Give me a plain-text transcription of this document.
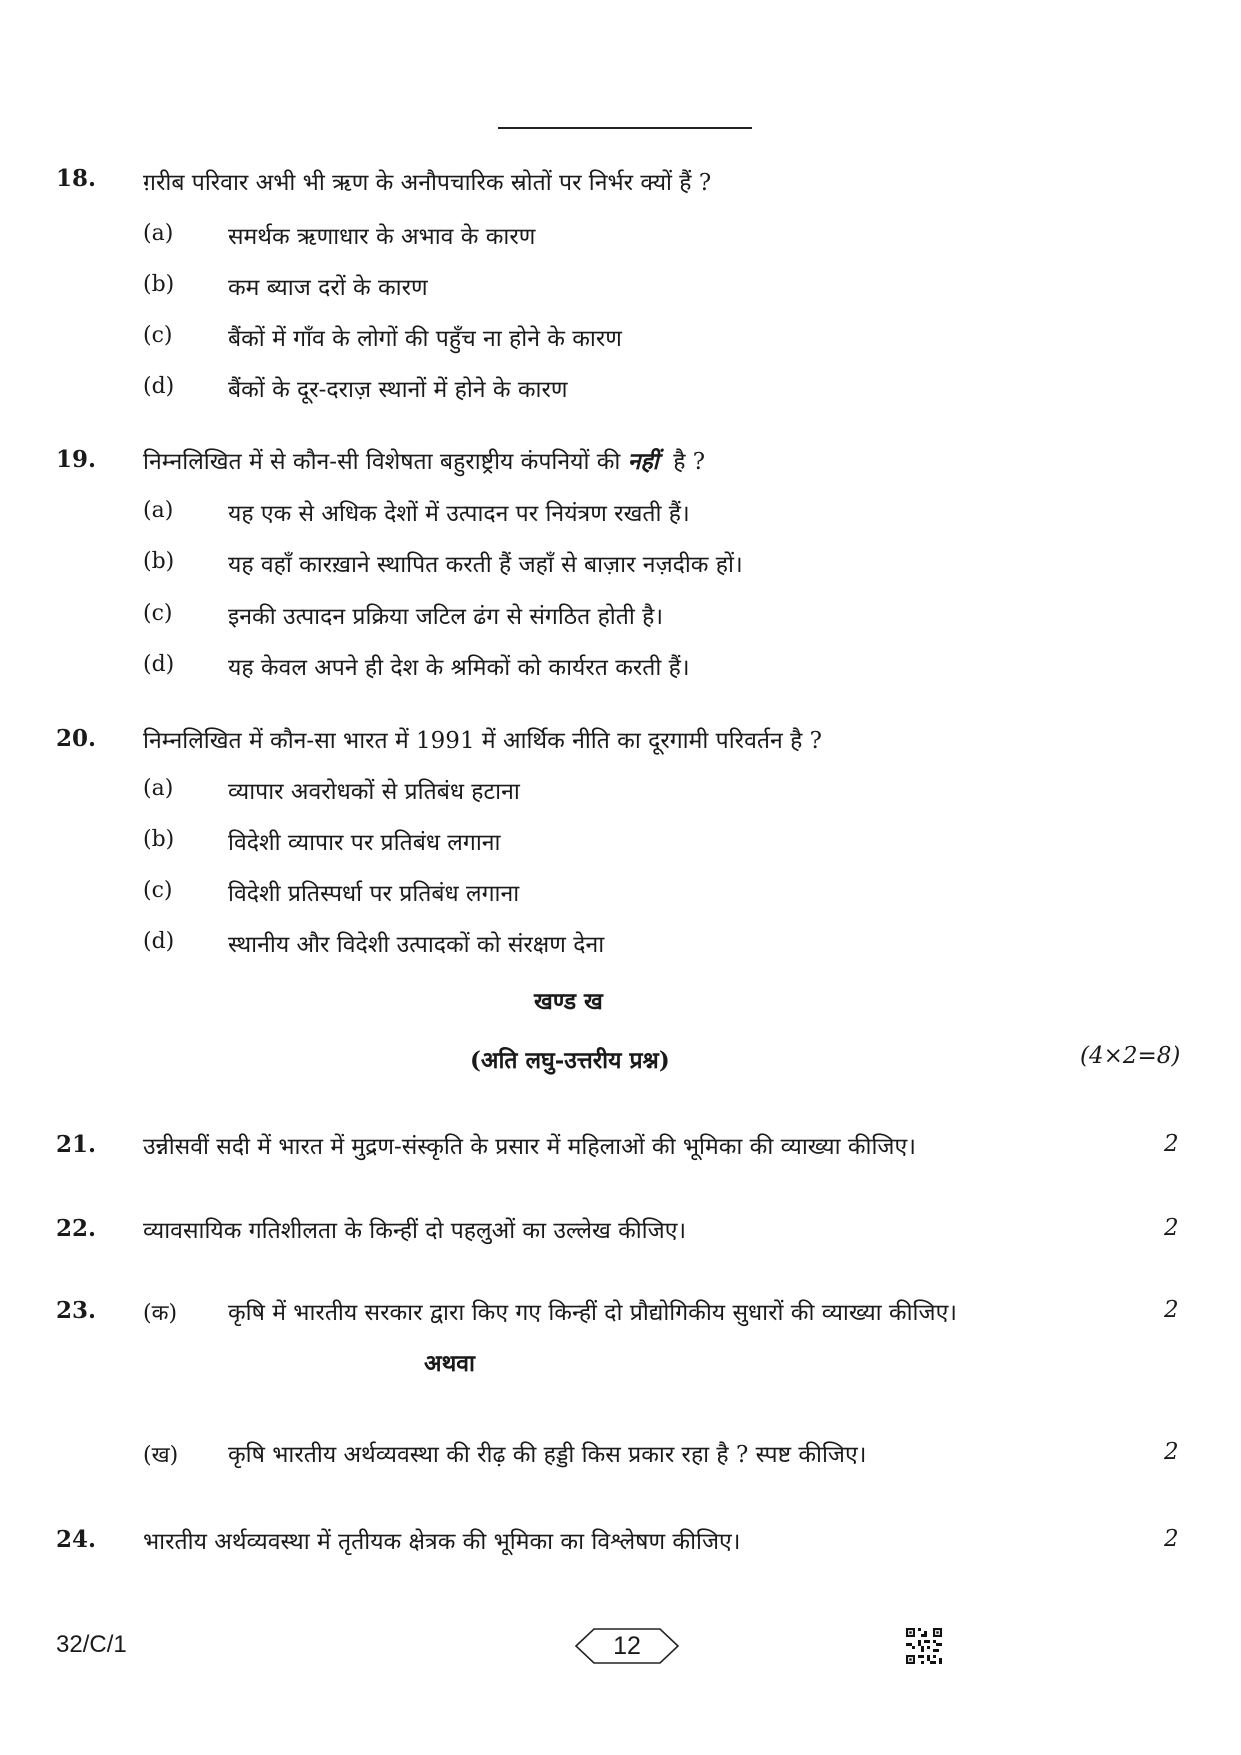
18. ग़रीब परिवार अभी भी ऋण के अनौपचारिक स्रोतों पर निर्भर क्यों हैं ?
(a) समर्थक ऋणाधार के अभाव के कारण
(b) कम ब्याज दरों के कारण
(c) बैंकों में गाँव के लोगों की पहुँच ना होने के कारण
(d) बैंकों के दूर-दराज़ स्थानों में होने के कारण
19. निम्नलिखित में से कौन-सी विशेषता बहुराष्ट्रीय कंपनियों की नहीं है ?
(a) यह एक से अधिक देशों में उत्पादन पर नियंत्रण रखती हैं।
(b) यह वहाँ कारख़ाने स्थापित करती हैं जहाँ से बाज़ार नज़दीक हों।
(c) इनकी उत्पादन प्रक्रिया जटिल ढंग से संगठित होती है।
(d) यह केवल अपने ही देश के श्रमिकों को कार्यरत करती हैं।
20. निम्नलिखित में कौन-सा भारत में 1991 में आर्थिक नीति का दूरगामी परिवर्तन है ?
(a) व्यापार अवरोधकों से प्रतिबंध हटाना
(b) विदेशी व्यापार पर प्रतिबंध लगाना
(c) विदेशी प्रतिस्पर्धा पर प्रतिबंध लगाना
(d) स्थानीय और विदेशी उत्पादकों को संरक्षण देना
खण्ड ख
(अति लघु-उत्तरीय प्रश्न)	(4×2=8)
21. उन्नीसवीं सदी में भारत में मुद्रण-संस्कृति के प्रसार में महिलाओं की भूमिका की व्याख्या कीजिए।	2
22. व्यावसायिक गतिशीलता के किन्हीं दो पहलुओं का उल्लेख कीजिए।	2
23. (क) कृषि में भारतीय सरकार द्वारा किए गए किन्हीं दो प्रौद्योगिकीय सुधारों की व्याख्या कीजिए।	2
अथवा
(ख) कृषि भारतीय अर्थव्यवस्था की रीढ़ की हड्डी किस प्रकार रहा है ? स्पष्ट कीजिए।	2
24. भारतीय अर्थव्यवस्था में तृतीयक क्षेत्रक की भूमिका का विश्लेषण कीजिए।	2
32/C/1	12
